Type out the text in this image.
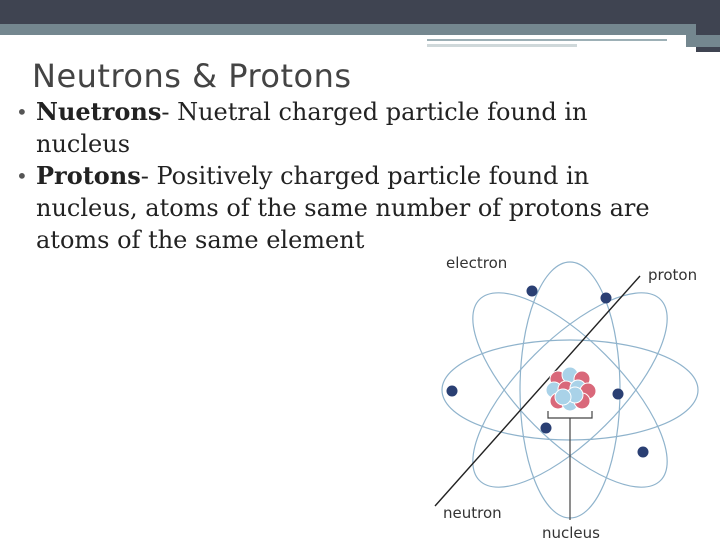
Neutrons & Protons

• Nuetrons- Nuetral charged particle found in nucleus

• Protons- Positively charged particle found in nucleus, atoms of the same number of protons are atoms of the same element

electron
proton
neutron
nucleus
